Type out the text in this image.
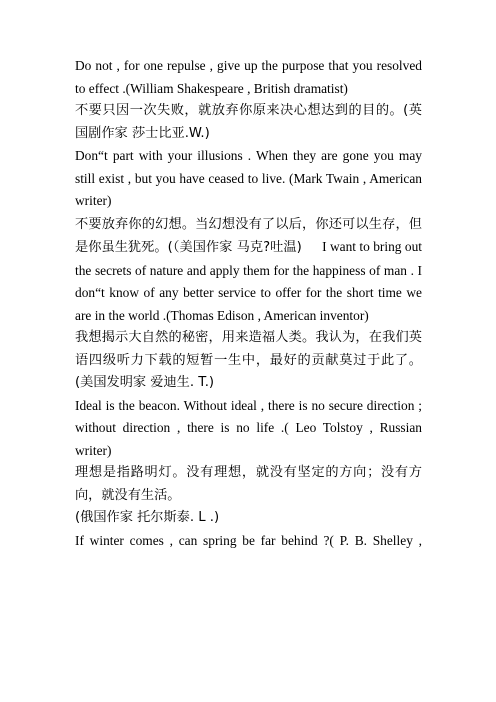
Do not , for one repulse , give up the purpose that you resolved to effect .(William Shakespeare , British dramatist)

不要只因一次失败，就放弃你原来决心想达到的目的。(英国剧作家 莎士比亚.W.)

Don“t part with your illusions . When they are gone you may still exist , but you have ceased to live. (Mark Twain , American writer)

不要放弃你的幻想。当幻想没有了以后，你还可以生存，但是你虽生犹死。(（美国作家 马克?吐温)      I want to bring out the secrets of nature and apply them for the happiness of man . I don“t know of any better service to offer for the short time we are in the world .(Thomas Edison , American inventor)

我想揭示大自然的秘密，用来造福人类。我认为，在我们英语四级听力下载的短暂一生中，最好的贡献莫过于此了。(美国发明家 爱迪生. T.)

Ideal is the beacon. Without ideal , there is no secure direction ; without direction , there is no life .( Leo Tolstoy , Russian writer)

理想是指路明灯。没有理想，就没有坚定的方向；没有方向，就没有生活。

(俄国作家 托尔斯泰. L .)

If winter comes , can spring be far behind ?( P. B. Shelley ,
